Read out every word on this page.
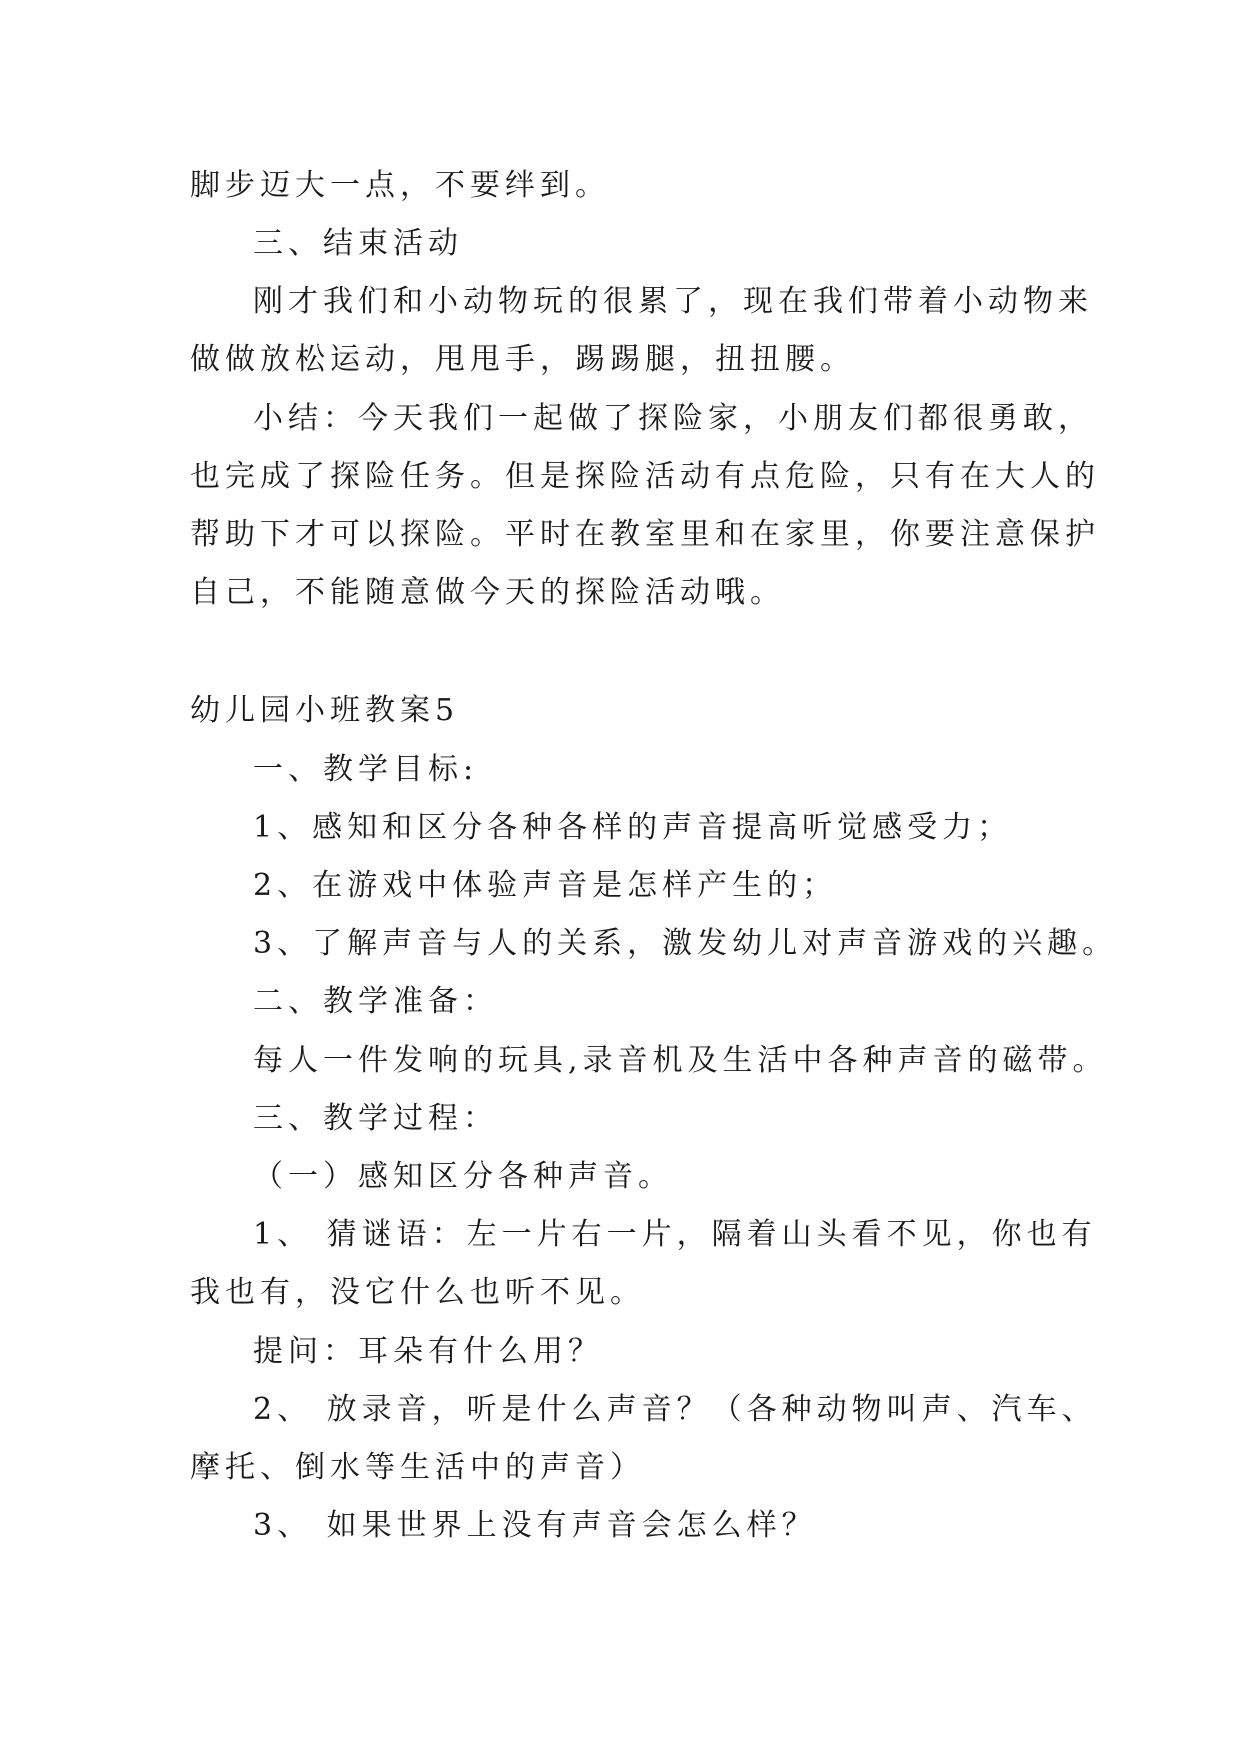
脚步迈大一点，不要绊到。
三、结束活动
刚才我们和小动物玩的很累了，现在我们带着小动物来
做做放松运动，甩甩手，踢踢腿，扭扭腰。
小结：今天我们一起做了探险家，小朋友们都很勇敢，
也完成了探险任务。但是探险活动有点危险，只有在大人的
帮助下才可以探险。平时在教室里和在家里，你要注意保护
自己，不能随意做今天的探险活动哦。
幼儿园小班教案5
一、教学目标:
1、感知和区分各种各样的声音提高听觉感受力；
2、在游戏中体验声音是怎样产生的；
3、了解声音与人的关系，激发幼儿对声音游戏的兴趣。
二、教学准备：
每人一件发响的玩具,录音机及生活中各种声音的磁带。
三、教学过程：
（一）感知区分各种声音。
1、 猜谜语：左一片右一片，隔着山头看不见，你也有
我也有，没它什么也听不见。
提问：耳朵有什么用？
2、 放录音，听是什么声音？（各种动物叫声、汽车、
摩托、倒水等生活中的声音）
3、 如果世界上没有声音会怎么样？
